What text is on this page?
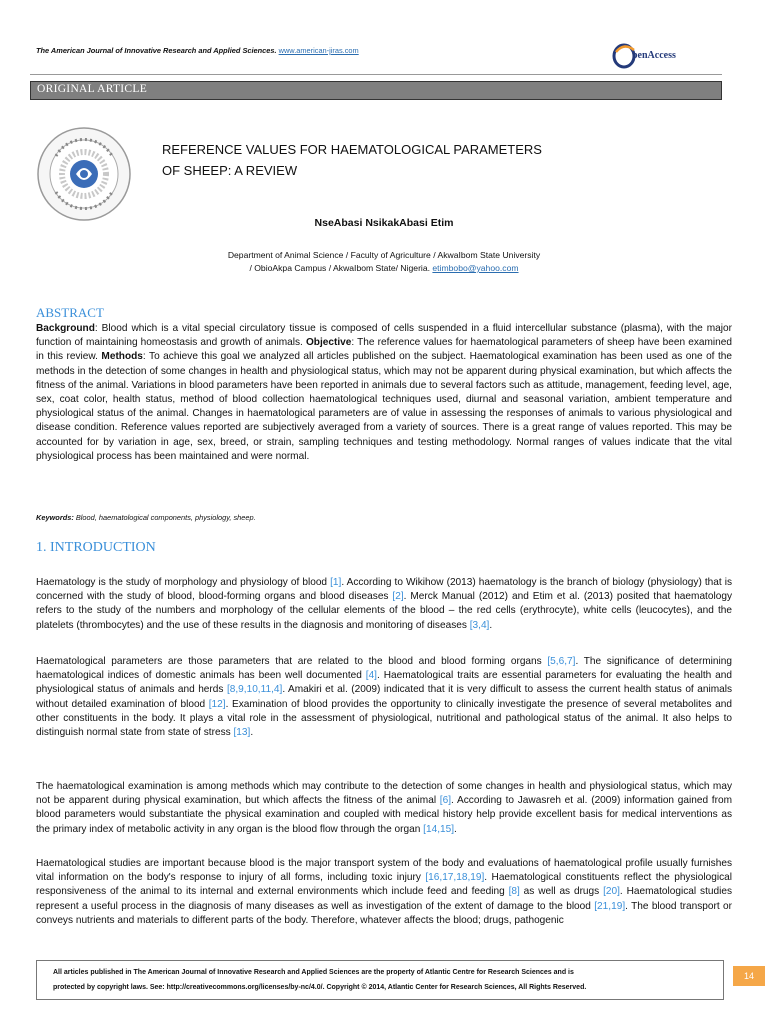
The American Journal of Innovative Research and Applied Sciences. www.american-jiras.com	penAccess
ORIGINAL ARTICLE
REFERENCE VALUES FOR HAEMATOLOGICAL PARAMETERS
OF SHEEP: A REVIEW
NseAbasi NsikakAbasi Etim
Department of Animal Science / Faculty of Agriculture / AkwaIbom State University
/ ObioAkpa Campus / AkwaIbom State/ Nigeria. etimbobo@yahoo.com
ABSTRACT
Background: Blood which is a vital special circulatory tissue is composed of cells suspended in a fluid intercellular substance (plasma), with the major function of maintaining homeostasis and growth of animals. Objective: The reference values for haematological parameters of sheep have been examined in this review. Methods: To achieve this goal we analyzed all articles published on the subject. Haematological examination has been used as one of the methods in the detection of some changes in health and physiological status, which may not be apparent during physical examination, but which affects the fitness of the animal. Variations in blood parameters have been reported in animals due to several factors such as attitude, management, feeding level, age, sex, coat color, health status, method of blood collection haematological techniques used, diurnal and seasonal variation, ambient temperature and physiological status of the animal. Changes in haematological parameters are of value in assessing the responses of animals to various physiological and disease condition. Reference values reported are subjectively averaged from a variety of sources. There is a great range of values reported. This may be accounted for by variation in age, sex, breed, or strain, sampling techniques and testing methodology. Normal ranges of values indicate that the vital physiological process has been maintained and were normal.
Keywords: Blood, haematological components, physiology, sheep.
1. INTRODUCTION
Haematology is the study of morphology and physiology of blood [1]. According to Wikihow (2013) haematology is the branch of biology (physiology) that is concerned with the study of blood, blood-forming organs and blood diseases [2]. Merck Manual (2012) and Etim et al. (2013) posited that haematology refers to the study of the numbers and morphology of the cellular elements of the blood – the red cells (erythrocyte), white cells (leucocytes), and the platelets (thrombocytes) and the use of these results in the diagnosis and monitoring of diseases [3,4].
Haematological parameters are those parameters that are related to the blood and blood forming organs [5,6,7]. The significance of determining haematological indices of domestic animals has been well documented [4]. Haematological traits are essential parameters for evaluating the health and physiological status of animals and herds [8,9,10,11,4]. Amakiri et al. (2009) indicated that it is very difficult to assess the current health status of animals without detailed examination of blood [12]. Examination of blood provides the opportunity to clinically investigate the presence of several metabolites and other constituents in the body. It plays a vital role in the assessment of physiological, nutritional and pathological status of the animal. It also helps to distinguish normal state from state of stress [13].
The haematological examination is among methods which may contribute to the detection of some changes in health and physiological status, which may not be apparent during physical examination, but which affects the fitness of the animal [6]. According to Jawasreh et al. (2009) information gained from blood parameters would substantiate the physical examination and coupled with medical history help provide excellent basis for medical interventions as the primary index of metabolic activity in any organ is the blood flow through the organ [14,15].
Haematological studies are important because blood is the major transport system of the body and evaluations of haematological profile usually furnishes vital information on the body's response to injury of all forms, including toxic injury [16,17,18,19]. Haematological constituents reflect the physiological responsiveness of the animal to its internal and external environments which include feed and feeding [8] as well as drugs [20]. Haematological studies represent a useful process in the diagnosis of many diseases as well as investigation of the extent of damage to the blood [21,19]. The blood transport or conveys nutrients and materials to different parts of the body. Therefore, whatever affects the blood; drugs, pathogenic

All articles published in The American Journal of Innovative Research and Applied Sciences are the property of Atlantic Centre for Research Sciences and is
protected by copyright laws. See: http://creativecommons.org/licenses/by-nc/4.0/. Copyright © 2014, Atlantic Center for Research Sciences, All Rights Reserved.

14
